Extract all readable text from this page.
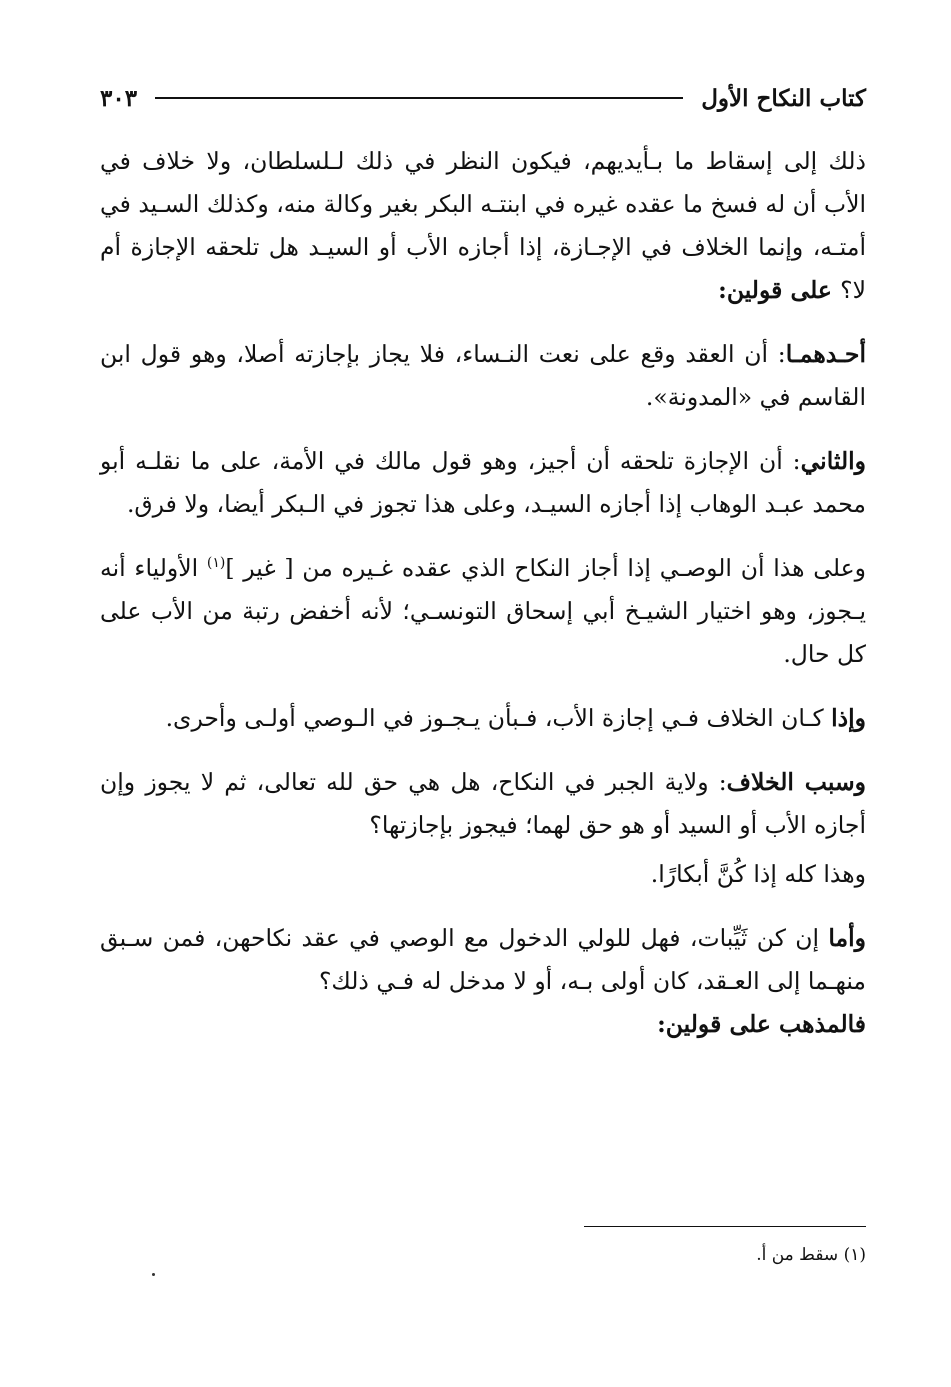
كتاب النكاح الأول
٣٠٣

ذلك إلى إسقاط ما بـأيديهم، فيكون النظر في ذلك لـلسلطان، ولا خلاف في الأب أن له فسخ ما عقده غيره في ابنتـه البكر بغير وكالة منه، وكذلك السـيد في أمتـه، وإنما الخلاف في الإجـازة، إذا أجازه الأب أو السيـد هل تلحقه الإجازة أم لا؟ على قولين:

أحـدهمـا: أن العقد وقع على نعت النـساء، فلا يجاز بإجازته أصلا، وهو قول ابن القاسم في «المدونة».

والثاني: أن الإجازة تلحقه أن أجيز، وهو قول مالك في الأمة، على ما نقلـه أبو محمد عبـد الوهاب إذا أجازه السيـد، وعلى هذا تجوز في الـبكر أيضا، ولا فرق.

وعلى هذا أن الوصـي إذا أجاز النكاح الذي عقده غـيره من [ غير ]$^{(١)}$ الأولياء أنه يـجوز، وهو اختيار الشيـخ أبي إسحاق التونسـي؛ لأنه أخفض رتبة من الأب على كل حال.

وإذا كـان الخلاف فـي إجازة الأب، فـبأن يـجـوز في الـوصي أولـى وأحرى.

وسبب الخلاف: ولاية الجبر في النكاح، هل هي حق لله تعالى، ثم لا يجوز وإن أجازه الأب أو السيد أو هو حق لهما؛ فيجوز بإجازتها؟

وهذا كله إذا كُنَّ أبكارًا.

وأما إن كن ثَيِّبات، فهل للولي الدخول مع الوصي في عقد نكاحهن، فمن سـبق منهـما إلى العـقد، كان أولى بـه، أو لا مدخل له فـي ذلك؟
فالمذهب على قولين:

(١) سقط من أ.
